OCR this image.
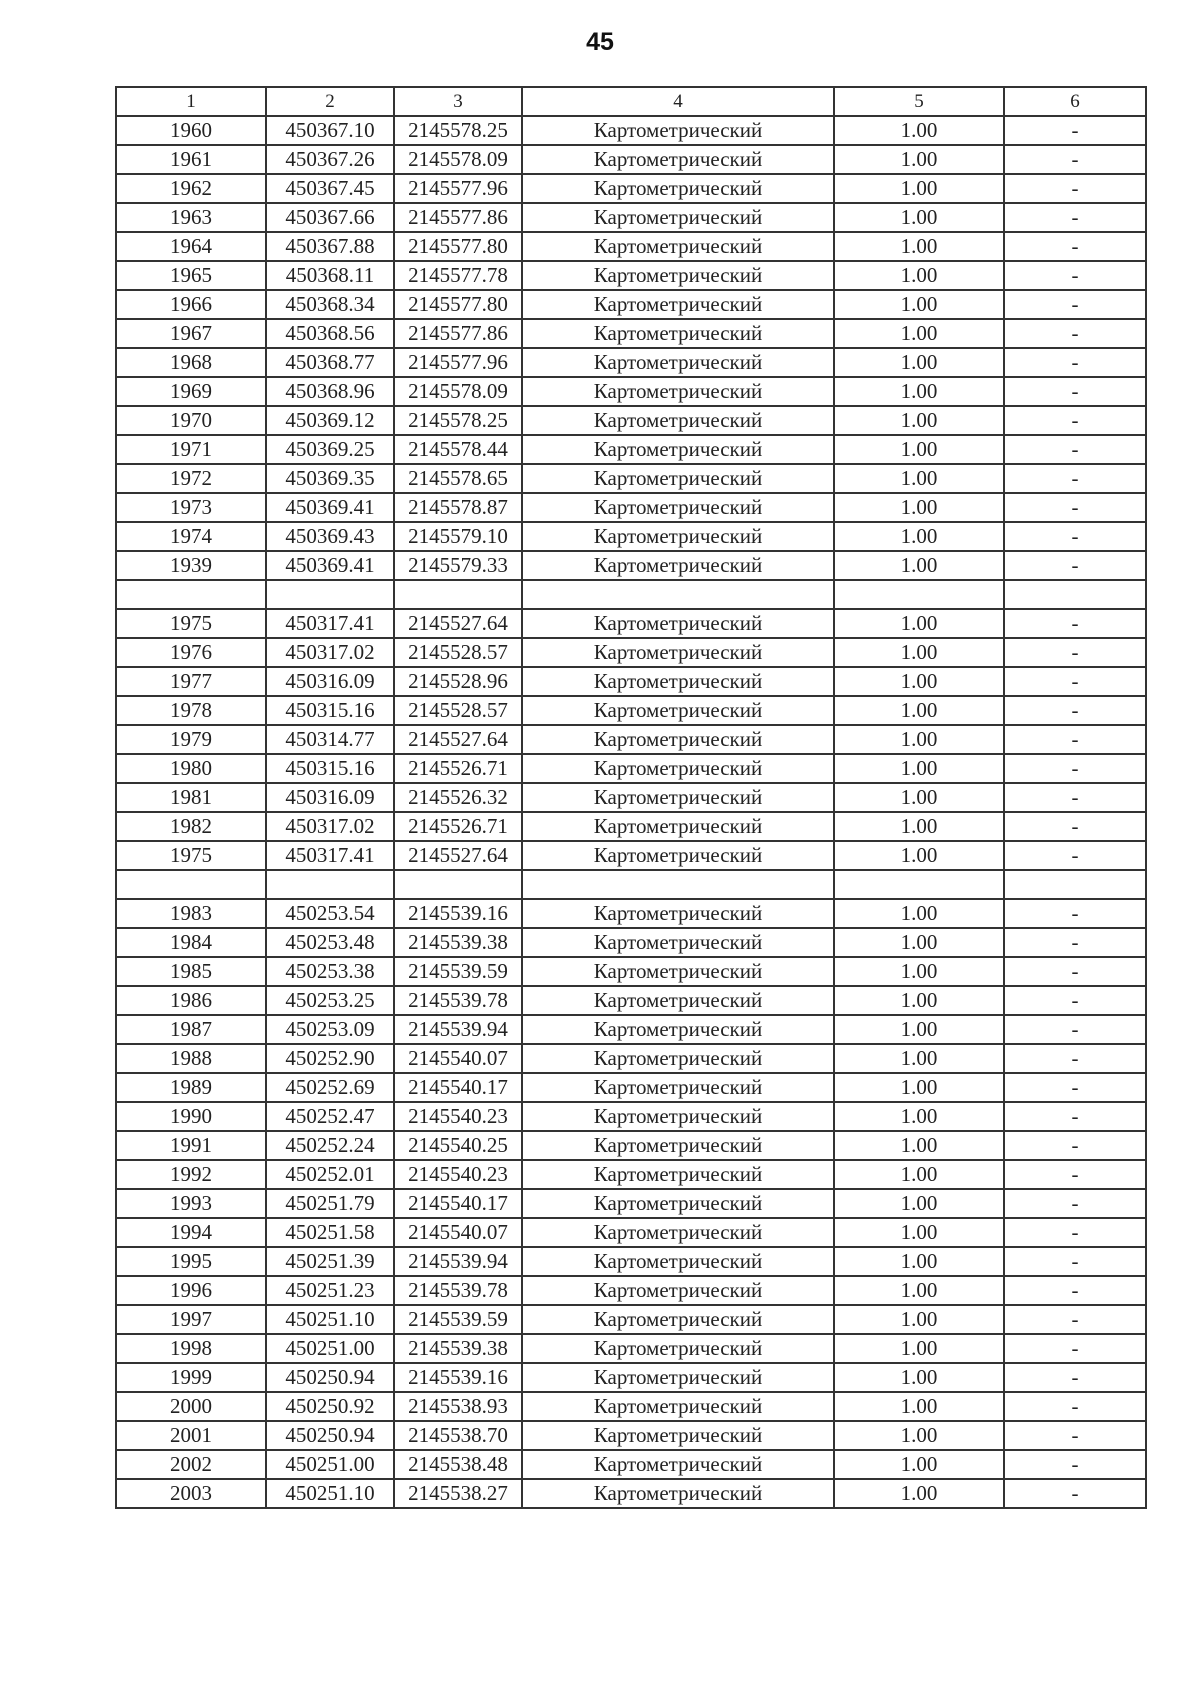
45
1	2	3	4	5	6
1960	450367.10	2145578.25	Картометрический	1.00	-
1961	450367.26	2145578.09	Картометрический	1.00	-
1962	450367.45	2145577.96	Картометрический	1.00	-
1963	450367.66	2145577.86	Картометрический	1.00	-
1964	450367.88	2145577.80	Картометрический	1.00	-
1965	450368.11	2145577.78	Картометрический	1.00	-
1966	450368.34	2145577.80	Картометрический	1.00	-
1967	450368.56	2145577.86	Картометрический	1.00	-
1968	450368.77	2145577.96	Картометрический	1.00	-
1969	450368.96	2145578.09	Картометрический	1.00	-
1970	450369.12	2145578.25	Картометрический	1.00	-
1971	450369.25	2145578.44	Картометрический	1.00	-
1972	450369.35	2145578.65	Картометрический	1.00	-
1973	450369.41	2145578.87	Картометрический	1.00	-
1974	450369.43	2145579.10	Картометрический	1.00	-
1939	450369.41	2145579.33	Картометрический	1.00	-

1975	450317.41	2145527.64	Картометрический	1.00	-
1976	450317.02	2145528.57	Картометрический	1.00	-
1977	450316.09	2145528.96	Картометрический	1.00	-
1978	450315.16	2145528.57	Картометрический	1.00	-
1979	450314.77	2145527.64	Картометрический	1.00	-
1980	450315.16	2145526.71	Картометрический	1.00	-
1981	450316.09	2145526.32	Картометрический	1.00	-
1982	450317.02	2145526.71	Картометрический	1.00	-
1975	450317.41	2145527.64	Картометрический	1.00	-

1983	450253.54	2145539.16	Картометрический	1.00	-
1984	450253.48	2145539.38	Картометрический	1.00	-
1985	450253.38	2145539.59	Картометрический	1.00	-
1986	450253.25	2145539.78	Картометрический	1.00	-
1987	450253.09	2145539.94	Картометрический	1.00	-
1988	450252.90	2145540.07	Картометрический	1.00	-
1989	450252.69	2145540.17	Картометрический	1.00	-
1990	450252.47	2145540.23	Картометрический	1.00	-
1991	450252.24	2145540.25	Картометрический	1.00	-
1992	450252.01	2145540.23	Картометрический	1.00	-
1993	450251.79	2145540.17	Картометрический	1.00	-
1994	450251.58	2145540.07	Картометрический	1.00	-
1995	450251.39	2145539.94	Картометрический	1.00	-
1996	450251.23	2145539.78	Картометрический	1.00	-
1997	450251.10	2145539.59	Картометрический	1.00	-
1998	450251.00	2145539.38	Картометрический	1.00	-
1999	450250.94	2145539.16	Картометрический	1.00	-
2000	450250.92	2145538.93	Картометрический	1.00	-
2001	450250.94	2145538.70	Картометрический	1.00	-
2002	450251.00	2145538.48	Картометрический	1.00	-
2003	450251.10	2145538.27	Картометрический	1.00	-
